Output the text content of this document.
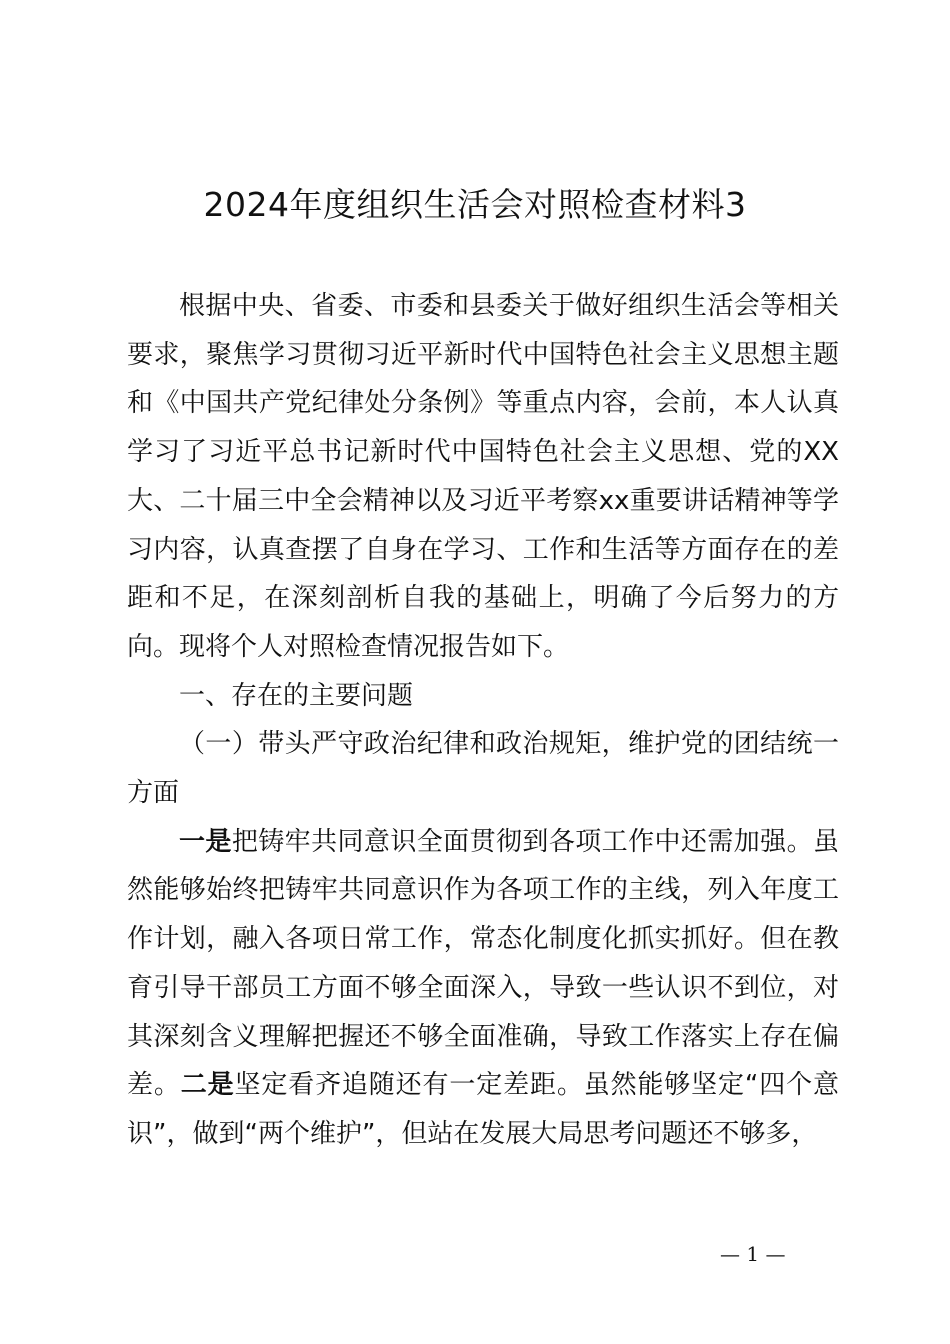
2024年度组织生活会对照检查材料3

根据中央、省委、市委和县委关于做好组织生活会等相关要求，聚焦学习贯彻习近平新时代中国特色社会主义思想主题和《中国共产党纪律处分条例》等重点内容，会前，本人认真学习了习近平总书记新时代中国特色社会主义思想、党的XX大、二十届三中全会精神以及习近平考察xx重要讲话精神等学习内容，认真查摆了自身在学习、工作和生活等方面存在的差距和不足，在深刻剖析自我的基础上，明确了今后努力的方向。现将个人对照检查情况报告如下。

一、存在的主要问题

（一）带头严守政治纪律和政治规矩，维护党的团结统一方面

一是把铸牢共同意识全面贯彻到各项工作中还需加强。虽然能够始终把铸牢共同意识作为各项工作的主线，列入年度工作计划，融入各项日常工作，常态化制度化抓实抓好。但在教育引导干部员工方面不够全面深入，导致一些认识不到位，对其深刻含义理解把握还不够全面准确，导致工作落实上存在偏差。二是坚定看齐追随还有一定差距。虽然能够坚定“四个意识”，做到“两个维护”，但站在发展大局思考问题还不够多，

— 1 —
